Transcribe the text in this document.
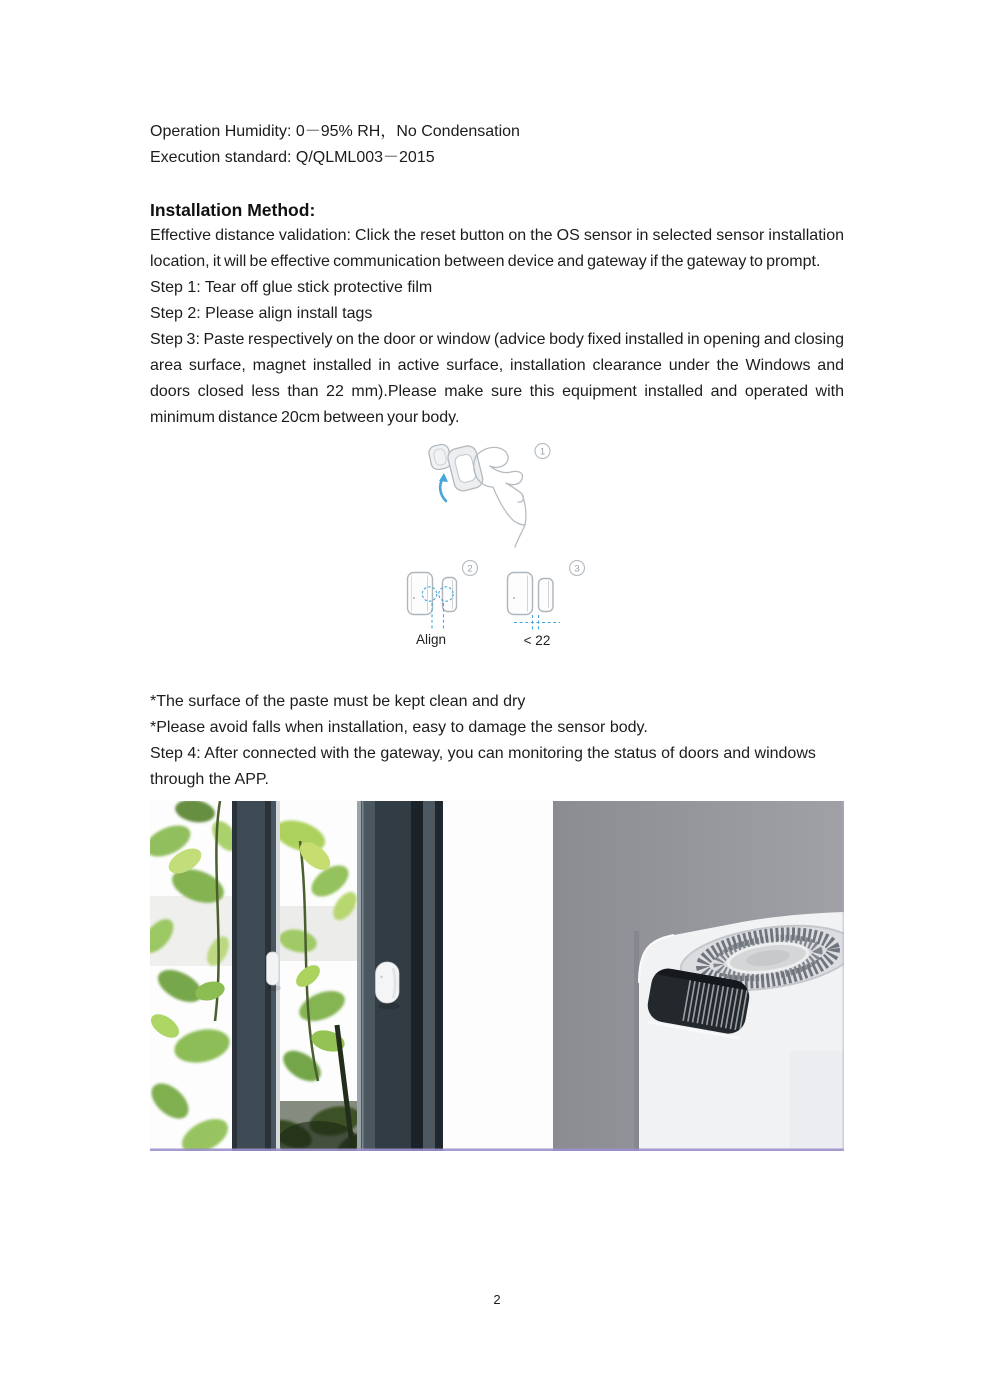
Operation Humidity: 0－95% RH，No Condensation

Execution standard: Q/QLML003－2015

Installation Method:

Effective distance validation: Click the reset button on the OS sensor in selected sensor installation location, it will be effective communication between device and gateway if the gateway to prompt.

Step 1: Tear off glue stick protective film

Step 2: Please align install tags

Step 3: Paste respectively on the door or window (advice body fixed installed in opening and closing area surface, magnet installed in active surface, installation clearance under the Windows and doors closed less than 22 mm).Please make sure this equipment installed and operated with minimum distance 20cm between your body.

1
Align
2
< 22
3

*The surface of the paste must be kept clean and dry

*Please avoid falls when installation, easy to damage the sensor body.

Step 4: After connected with the gateway, you can monitoring the status of doors and windows through the APP.

2
